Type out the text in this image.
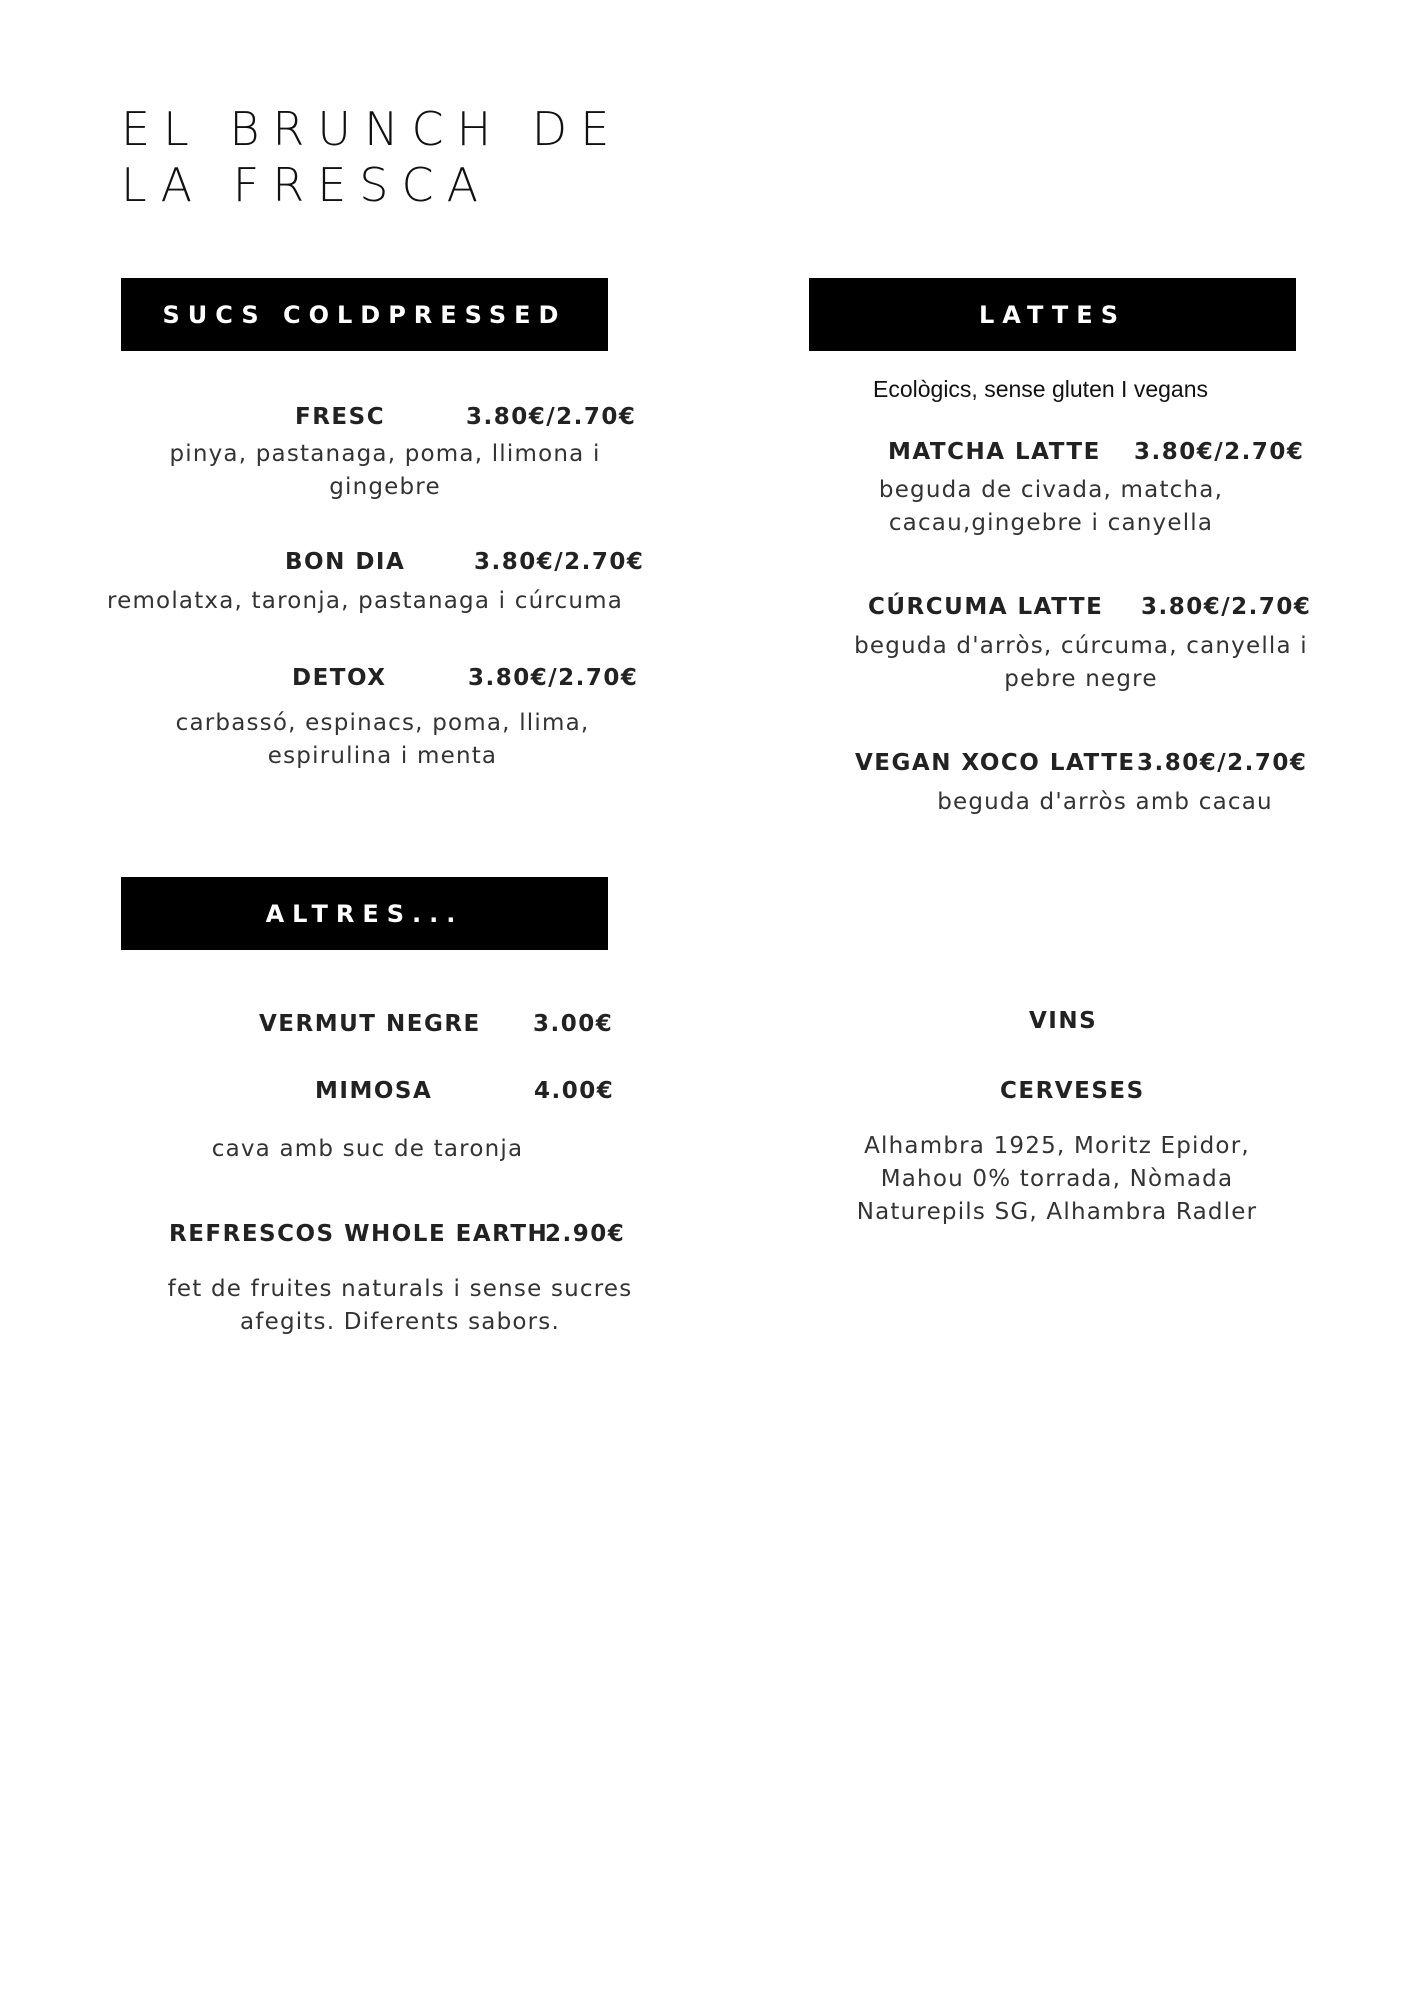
EL BRUNCH DE
LA FRESCA
SUCS COLDPRESSED
FRESC	3.80€/2.70€
pinya, pastanaga, poma, llimona i gingebre
BON DIA	3.80€/2.70€
remolatxa, taronja, pastanaga i cúrcuma
DETOX	3.80€/2.70€
carbassó, espinacs, poma, llima, espirulina i menta
LATTES
Ecològics, sense gluten I vegans
MATCHA LATTE 3.80€/2.70€
beguda de civada, matcha, cacau,gingebre i canyella
CÚRCUMA LATTE 3.80€/2.70€
beguda d'arròs, cúrcuma, canyella i pebre negre
VEGAN XOCO LATTE 3.80€/2.70€
beguda d'arròs amb cacau
ALTRES...
VERMUT NEGRE 3.00€
MIMOSA	4.00€
cava amb suc de taronja
REFRESCOS WHOLE EARTH
2.90€
fet de fruites naturals i sense sucres afegits. Diferents sabors.
VINS
CERVESES
Alhambra 1925, Moritz Epidor, Mahou 0% torrada, Nòmada Naturepils SG, Alhambra Radler
